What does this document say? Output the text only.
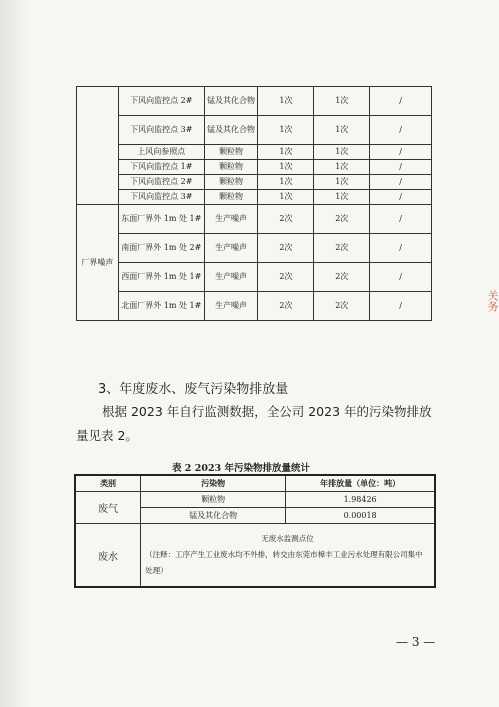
	下风向监控点 2#	锰及其化合物	1次	1次	/
	下风向监控点 3#	锰及其化合物	1次	1次	/
	上风向参照点	颗粒物	1次	1次	/
	下风向监控点 1#	颗粒物	1次	1次	/
	下风向监控点 2#	颗粒物	1次	1次	/
	下风向监控点 3#	颗粒物	1次	1次	/
厂界噪声	东面厂界外 1m 处 1#	生产噪声	2次	2次	/
	南面厂界外 1m 处 2#	生产噪声	2次	2次	/
	西面厂界外 1m 处 1#	生产噪声	2次	2次	/
	北面厂界外 1m 处 1#	生产噪声	2次	2次	/
3、年度废水、废气污染物排放量
根据 2023 年自行监测数据，全公司 2023 年的污染物排放量见表 2。
表 2 2023 年污染物排放量统计
类别	污染物	年排放量（单位：吨）
废气	颗粒物	1.98426
	锰及其化合物	0.00018
废水	无废水监测点位
（注释：工序产生工业废水均不外排，转交由东莞市樟丰工业污水处理有限公司集中处理）	
— 3 —
关务
